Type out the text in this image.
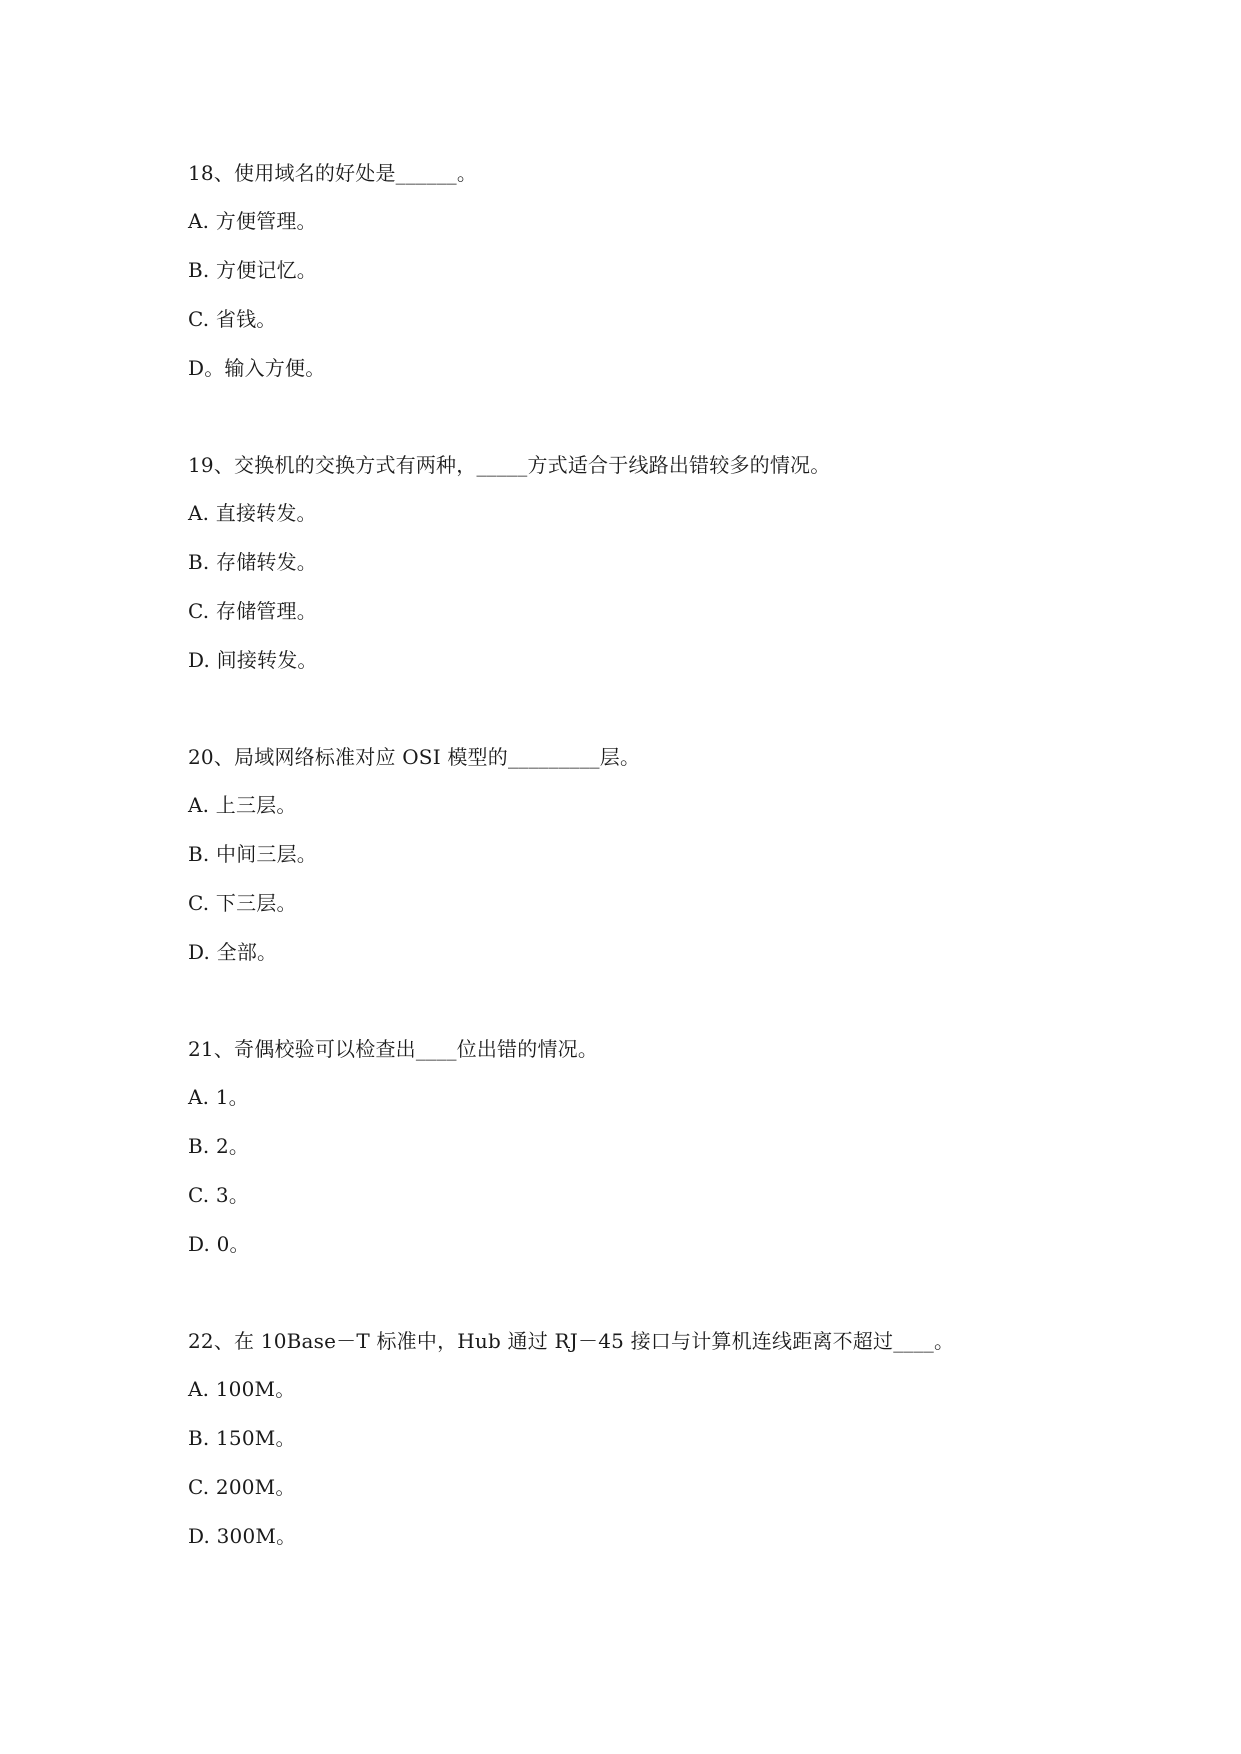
18、使用域名的好处是______。
A. 方便管理。
B. 方便记忆。
C. 省钱。
D。输入方便。
19、交换机的交换方式有两种，_____方式适合于线路出错较多的情况。
A. 直接转发。
B. 存储转发。
C. 存储管理。
D. 间接转发。
20、局域网络标准对应 OSI 模型的_________层。
A. 上三层。
B. 中间三层。
C. 下三层。
D. 全部。
21、奇偶校验可以检查出____位出错的情况。
A. 1。
B. 2。
C. 3。
D. 0。
22、在 10Base－T 标准中，Hub 通过 RJ－45 接口与计算机连线距离不超过____。
A. 100M。
B. 150M。
C. 200M。
D. 300M。
